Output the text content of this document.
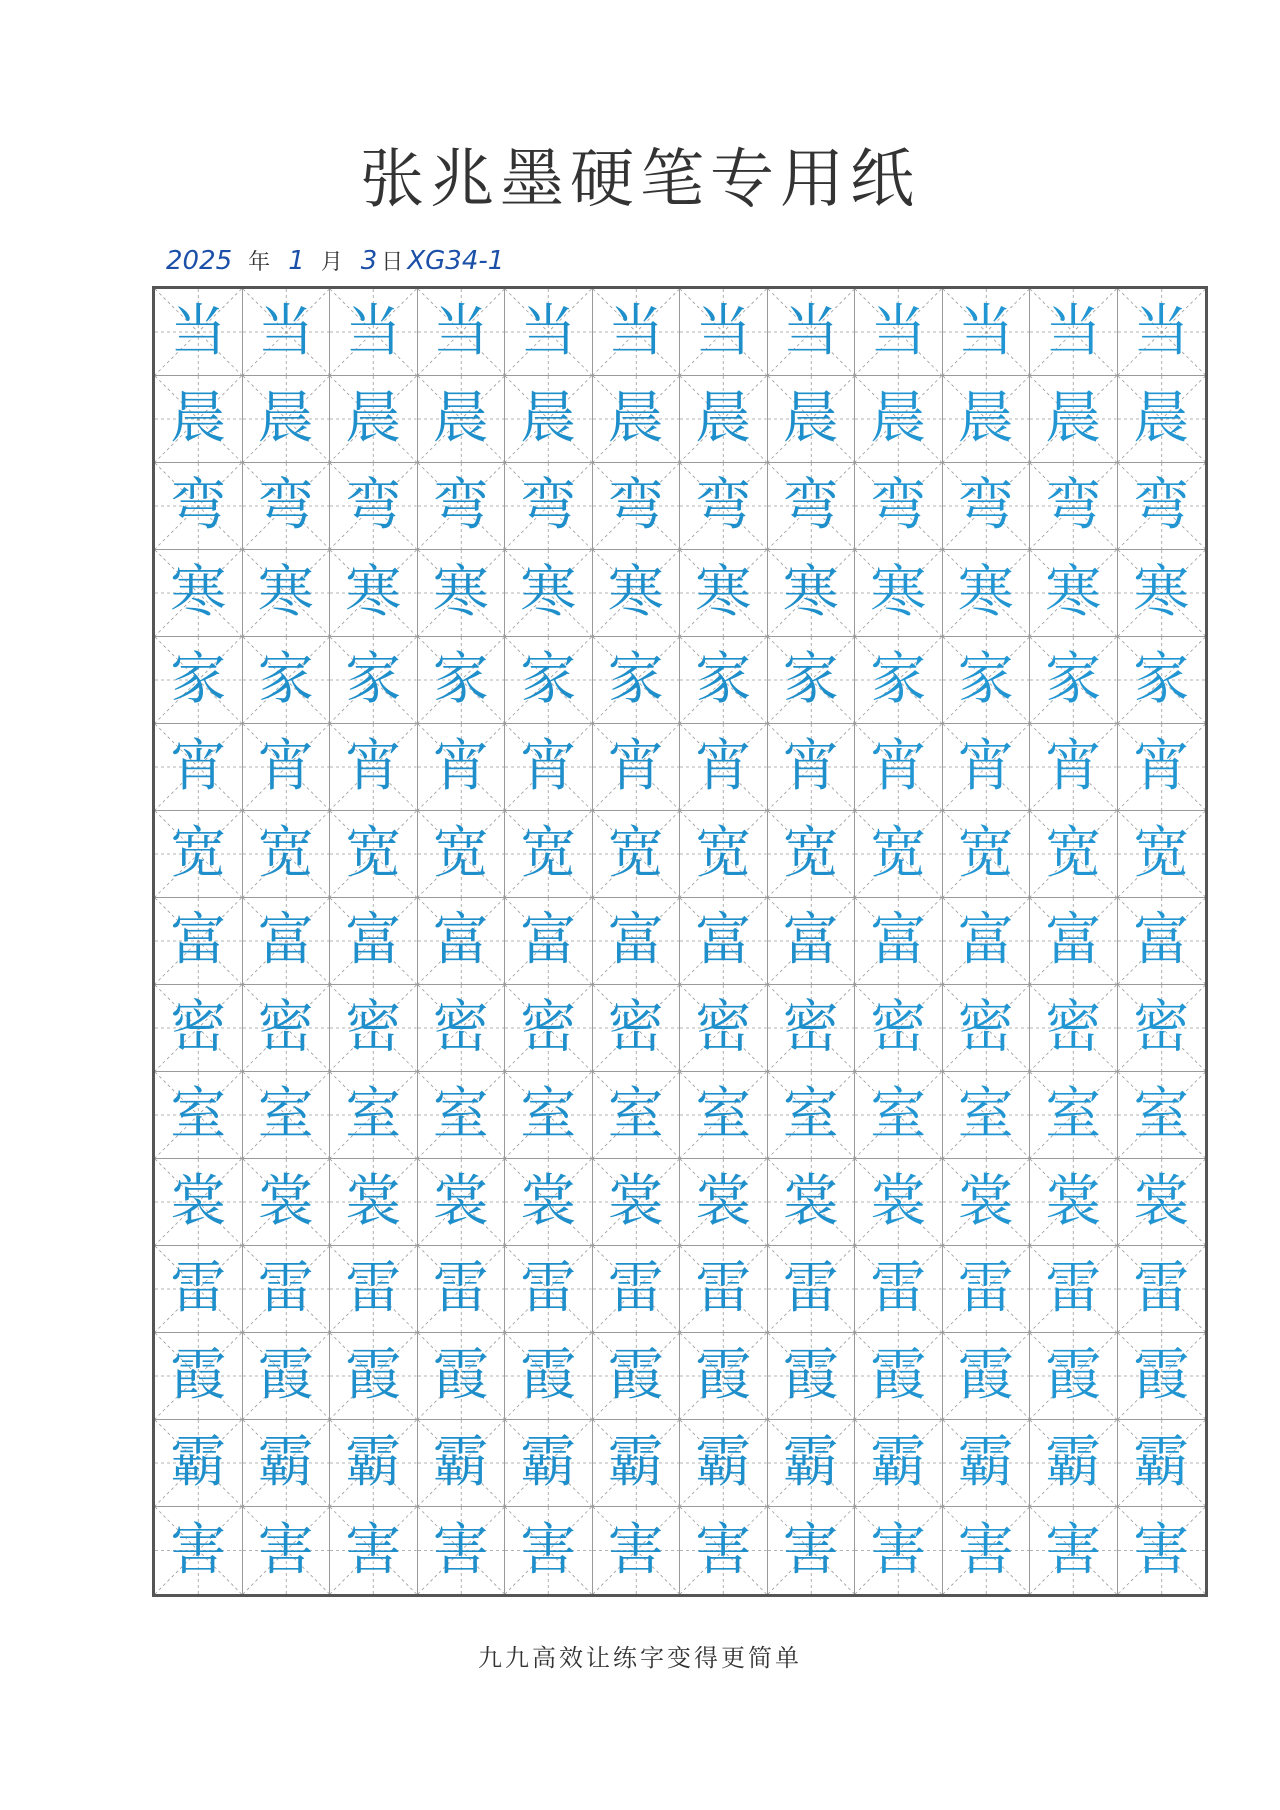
张兆墨硬笔专用纸
2025 年 1 月 3 日 XG34-1
当 当 当 当 当 当 当 当 当 当 当 当
晨 晨 晨 晨 晨 晨 晨 晨 晨 晨 晨 晨
弯 弯 弯 弯 弯 弯 弯 弯 弯 弯 弯 弯
寒 寒 寒 寒 寒 寒 寒 寒 寒 寒 寒 寒
家 家 家 家 家 家 家 家 家 家 家 家
宵 宵 宵 宵 宵 宵 宵 宵 宵 宵 宵 宵
宽 宽 宽 宽 宽 宽 宽 宽 宽 宽 宽 宽
富 富 富 富 富 富 富 富 富 富 富 富
密 密 密 密 密 密 密 密 密 密 密 密
室 室 室 室 室 室 室 室 室 室 室 室
裳 裳 裳 裳 裳 裳 裳 裳 裳 裳 裳 裳
雷 雷 雷 雷 雷 雷 雷 雷 雷 雷 雷 雷
霞 霞 霞 霞 霞 霞 霞 霞 霞 霞 霞 霞
霸 霸 霸 霸 霸 霸 霸 霸 霸 霸 霸 霸
害 害 害 害 害 害 害 害 害 害 害 害
九九高效让练字变得更简单
